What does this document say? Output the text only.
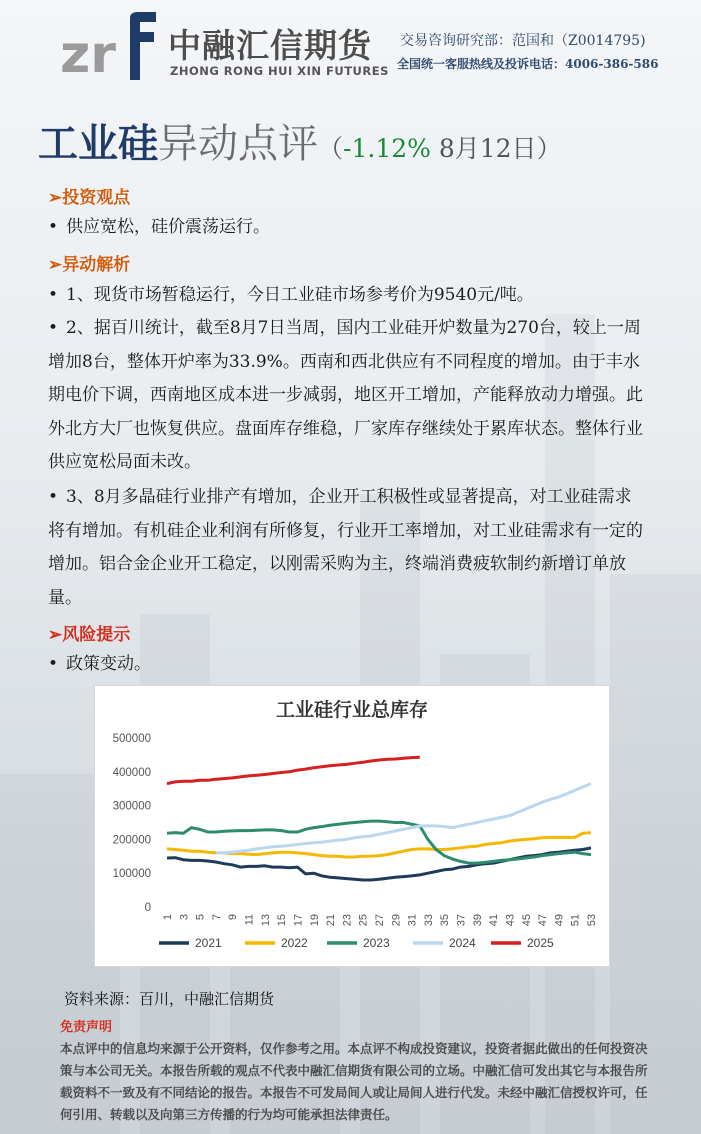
zr 中融汇信期货
ZHONG RONG HUI XIN FUTURES
交易咨询研究部：范国和（Z0014795)
全国统一客服热线及投诉电话：4006-386-586
工业硅异动点评（-1.12% 8月12日）
➢投资观点
• 供应宽松，硅价震荡运行。
➢异动解析
• 1、现货市场暂稳运行，今日工业硅市场参考价为9540元/吨。
• 2、据百川统计，截至8月7日当周，国内工业硅开炉数量为270台，较上一周增加8台，整体开炉率为33.9%。西南和西北供应有不同程度的增加。由于丰水期电价下调，西南地区成本进一步减弱，地区开工增加，产能释放动力增强。此外北方大厂也恢复供应。盘面库存维稳，厂家库存继续处于累库状态。整体行业供应宽松局面未改。
• 3、8月多晶硅行业排产有增加，企业开工积极性或显著提高，对工业硅需求将有增加。有机硅企业利润有所修复，行业开工率增加，对工业硅需求有一定的增加。铝合金企业开工稳定，以刚需采购为主，终端消费疲软制约新增订单放量。
➢风险提示
• 政策变动。
工业硅行业总库存
0
100000
200000
300000
400000
500000
1 3 5 7 9 11 13 15 17 19 21 23 25 27 29 31 33 35 37 39 41 43 45 47 49 51 53
2021	2022	2023	2024	2025
资料来源：百川，中融汇信期货
免责声明
本点评中的信息均来源于公开资料，仅作参考之用。本点评不构成投资建议，投资者据此做出的任何投资决策与本公司无关。本报告所载的观点不代表中融汇信期货有限公司的立场。中融汇信可发出其它与本报告所载资料不一致及有不同结论的报告。本报告不可发局间人或让局间人进行代发。未经中融汇信授权许可，任何引用、转载以及向第三方传播的行为均可能承担法律责任。
